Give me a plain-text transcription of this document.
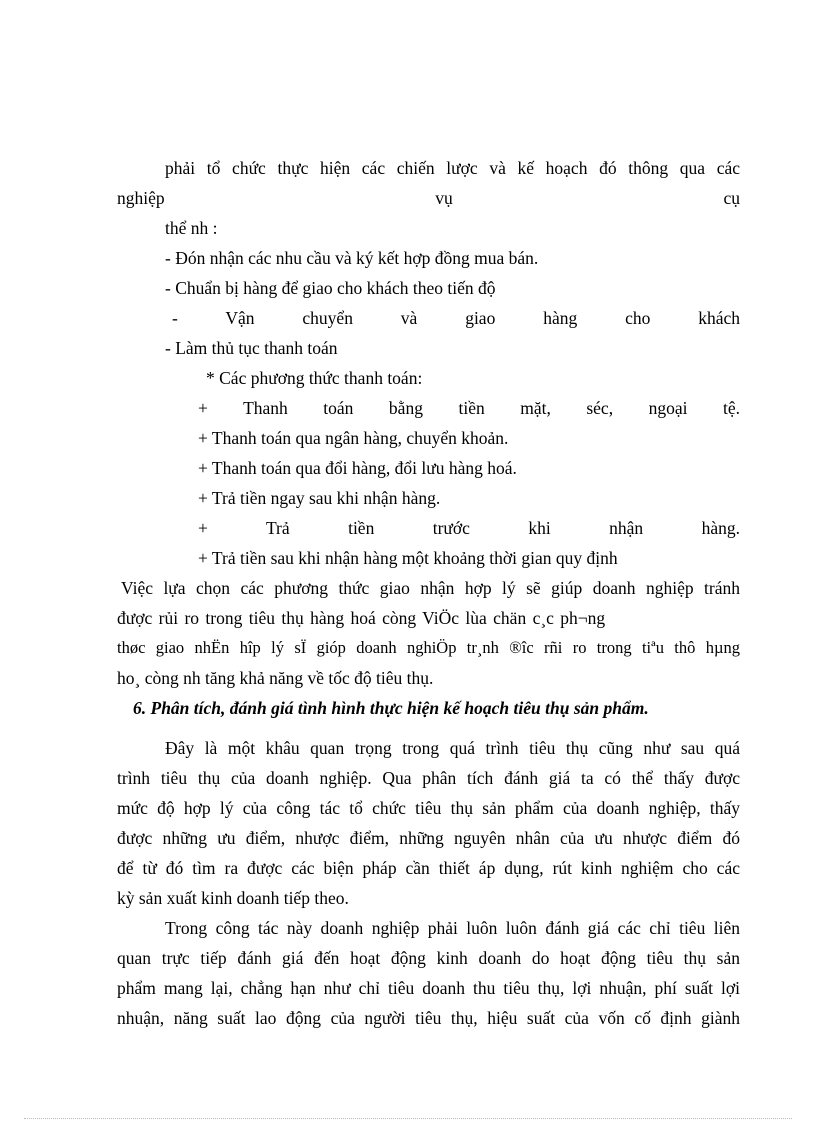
phải tổ chức thực hiện các chiến lược và kế hoạch đó thông qua các
nghiệp vụ cụ
thể nh :
- Đón nhận các nhu cầu và ký kết hợp đồng mua bán.
- Chuẩn bị hàng để giao cho khách theo tiến độ
- Vận chuyển và giao hàng cho khách
- Làm thủ tục thanh toán
* Các phương thức thanh toán:
+ Thanh toán bằng tiền mặt, séc, ngoại tệ.
+ Thanh toán qua ngân hàng, chuyển khoản.
+ Thanh toán qua đổi hàng, đổi lưu hàng hoá.
+ Trả tiền ngay sau khi nhận hàng.
+ Trả tiền trước khi nhận hàng.
+ Trả tiền sau khi nhận hàng một khoảng thời gian quy định
Việc lựa chọn các phương thức giao nhận hợp lý sẽ giúp doanh nghiệp tránh
được rủi ro trong tiêu thụ hàng hoá còng ViÖc lùa chän c¸c ph¬ng
thøc giao nhËn hîp lý sÏ gióp doanh nghiÖp tr¸nh ®îc rñi ro trong tiªu thô hµng
ho¸ còng nh tăng khả năng về tốc độ tiêu thụ.
6. Phân tích, đánh giá tình hình thực hiện kế hoạch tiêu thụ sản phẩm.
Đây là một khâu quan trọng trong quá trình tiêu thụ cũng như sau quá
trình tiêu thụ của doanh nghiệp. Qua phân tích đánh giá ta có thể thấy được
mức độ hợp lý của công tác tổ chức tiêu thụ sản phẩm của doanh nghiệp, thấy
được những ưu điểm, nhược điểm, những nguyên nhân của ưu nhược điểm đó
để từ đó tìm ra được các biện pháp cần thiết áp dụng, rút kinh nghiệm cho các
kỳ sản xuất kinh doanh tiếp theo.
Trong công tác này doanh nghiệp phải luôn luôn đánh giá các chỉ tiêu liên
quan trực tiếp đánh giá đến hoạt động kinh doanh do hoạt động tiêu thụ sản
phẩm mang lại, chẳng hạn như chỉ tiêu doanh thu tiêu thụ, lợi nhuận, phí suất lợi
nhuận, năng suất lao động của người tiêu thụ, hiệu suất của vốn cố định giành
